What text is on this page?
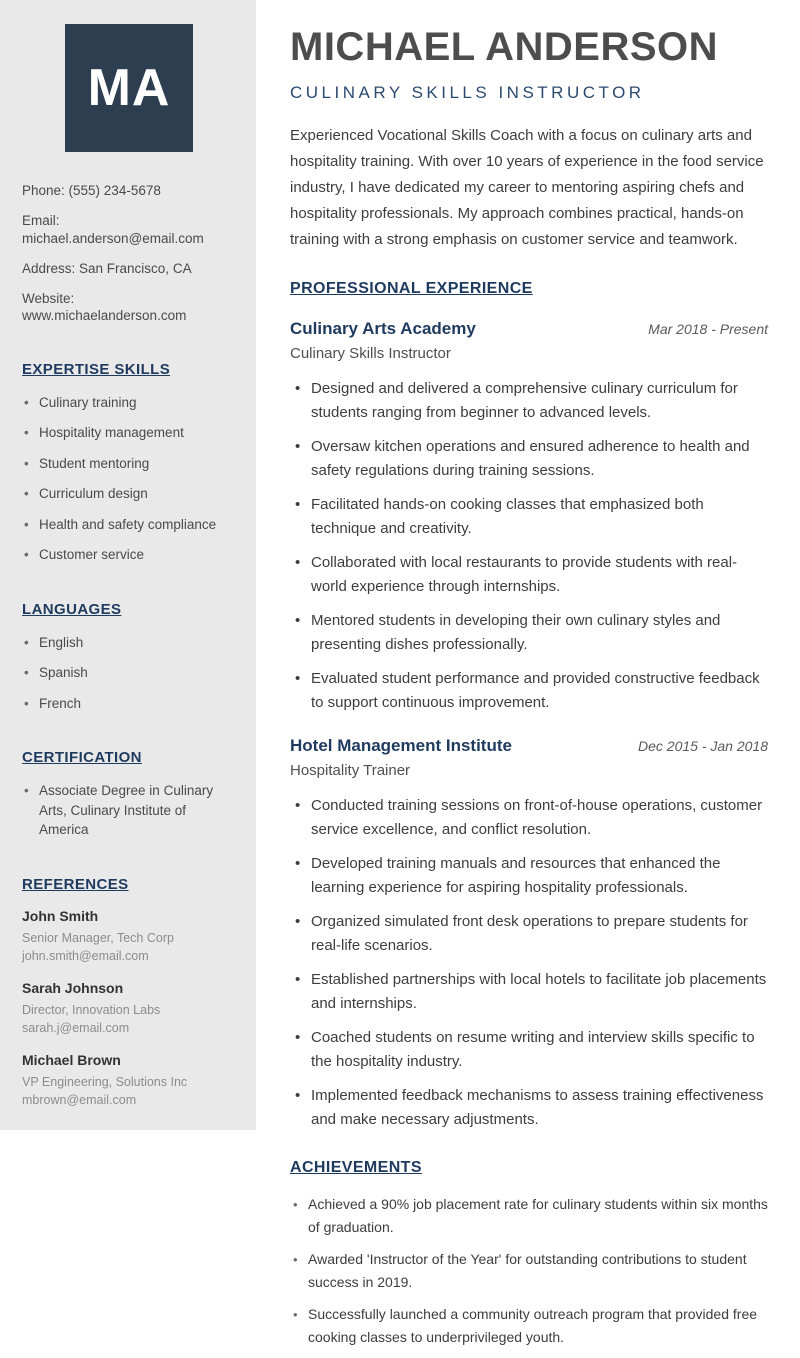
MA
Phone: (555) 234-5678
Email: michael.anderson@email.com
Address: San Francisco, CA
Website: www.michaelanderson.com
EXPERTISE SKILLS
• Culinary training
• Hospitality management
• Student mentoring
• Curriculum design
• Health and safety compliance
• Customer service
LANGUAGES
• English
• Spanish
• French
CERTIFICATION
• Associate Degree in Culinary Arts, Culinary Institute of America
REFERENCES
John Smith
Senior Manager, Tech Corp
john.smith@email.com
Sarah Johnson
Director, Innovation Labs
sarah.j@email.com
Michael Brown
VP Engineering, Solutions Inc
mbrown@email.com
MICHAEL ANDERSON
CULINARY SKILLS INSTRUCTOR
Experienced Vocational Skills Coach with a focus on culinary arts and hospitality training. With over 10 years of experience in the food service industry, I have dedicated my career to mentoring aspiring chefs and hospitality professionals. My approach combines practical, hands-on training with a strong emphasis on customer service and teamwork.
PROFESSIONAL EXPERIENCE
Culinary Arts Academy	Mar 2018 - Present
Culinary Skills Instructor
• Designed and delivered a comprehensive culinary curriculum for students ranging from beginner to advanced levels.
• Oversaw kitchen operations and ensured adherence to health and safety regulations during training sessions.
• Facilitated hands-on cooking classes that emphasized both technique and creativity.
• Collaborated with local restaurants to provide students with real-world experience through internships.
• Mentored students in developing their own culinary styles and presenting dishes professionally.
• Evaluated student performance and provided constructive feedback to support continuous improvement.
Hotel Management Institute	Dec 2015 - Jan 2018
Hospitality Trainer
• Conducted training sessions on front-of-house operations, customer service excellence, and conflict resolution.
• Developed training manuals and resources that enhanced the learning experience for aspiring hospitality professionals.
• Organized simulated front desk operations to prepare students for real-life scenarios.
• Established partnerships with local hotels to facilitate job placements and internships.
• Coached students on resume writing and interview skills specific to the hospitality industry.
• Implemented feedback mechanisms to assess training effectiveness and make necessary adjustments.
ACHIEVEMENTS
• Achieved a 90% job placement rate for culinary students within six months of graduation.
• Awarded 'Instructor of the Year' for outstanding contributions to student success in 2019.
• Successfully launched a community outreach program that provided free cooking classes to underprivileged youth.
